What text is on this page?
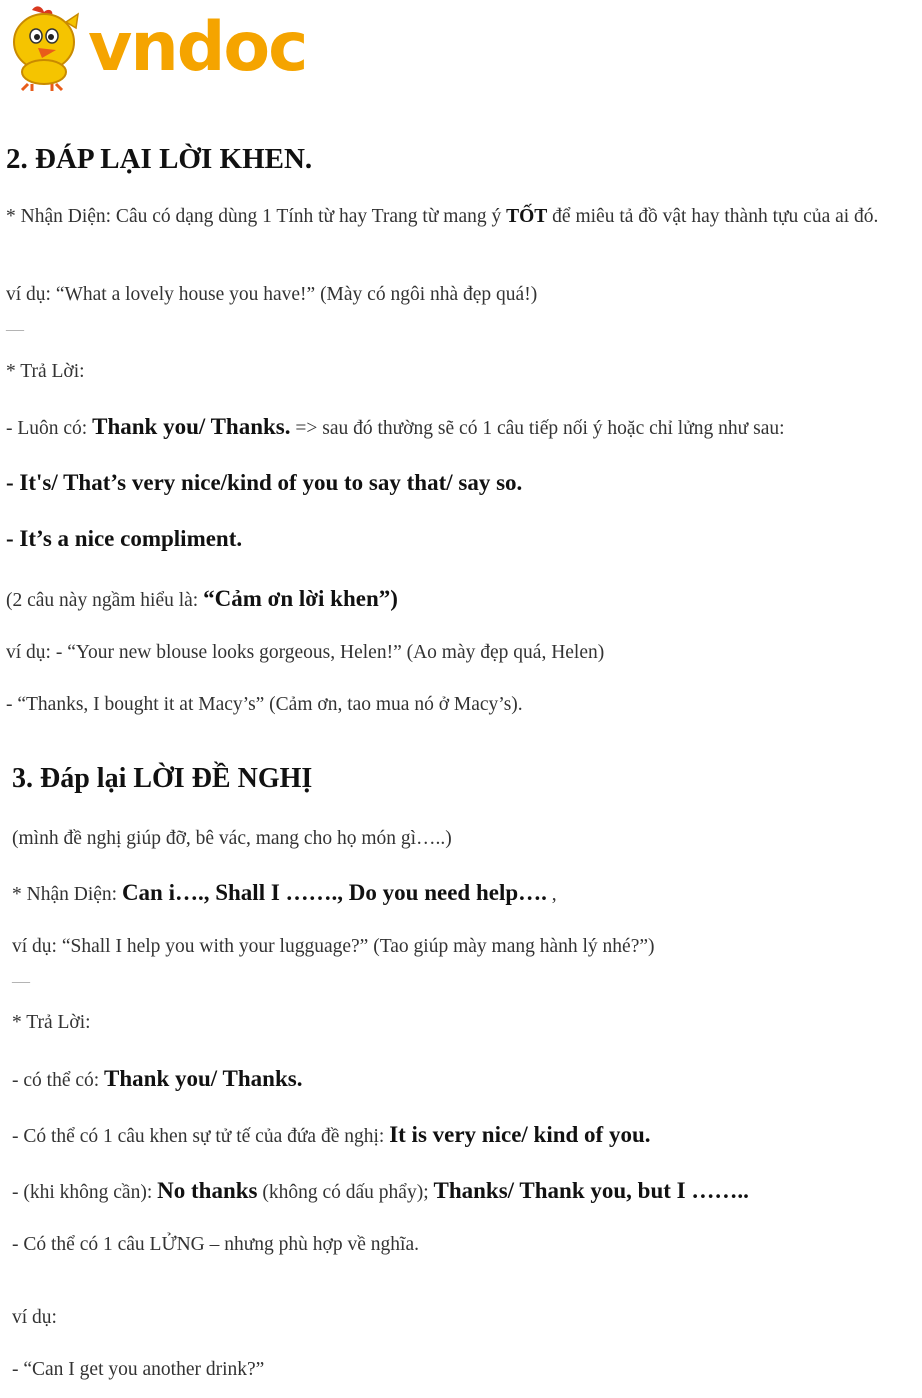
vndoc
2. ĐÁP LẠI LỜI KHEN.
* Nhận Diện: Câu có dạng dùng 1 Tính từ hay Trang từ mang ý TỐT để miêu tả đồ vật hay thành tựu của ai đó.
ví dụ: “What a lovely house you have!” (Mày có ngôi nhà đẹp quá!)
—
* Trả Lời:
- Luôn có: Thank you/ Thanks. => sau đó thường sẽ có 1 câu tiếp nối ý hoặc chỉ lửng như sau:
- It's/ That’s very nice/kind of you to say that/ say so.
- It’s a nice compliment.
(2 câu này ngầm hiểu là: “Cảm ơn lời khen”)
ví dụ: - “Your new blouse looks gorgeous, Helen!” (Ao mày đẹp quá, Helen)
- “Thanks, I bought it at Macy’s” (Cảm ơn, tao mua nó ở Macy’s).
3. Đáp lại LỜI ĐỀ NGHỊ
(mình đề nghị giúp đỡ, bê vác, mang cho họ món gì…..)
* Nhận Diện: Can i…., Shall I ……., Do you need help…. ,
ví dụ: “Shall I help you with your lugguage?” (Tao giúp mày mang hành lý nhé?”)
—
* Trả Lời:
- có thể có: Thank you/ Thanks.
- Có thể có 1 câu khen sự tử tế của đứa đề nghị: It is very nice/ kind of you.
- (khi không cần): No thanks (không có dấu phẩy); Thanks/ Thank you, but I ……..
- Có thể có 1 câu LỬNG – nhưng phù hợp về nghĩa.
ví dụ:
- “Can I get you another drink?”
